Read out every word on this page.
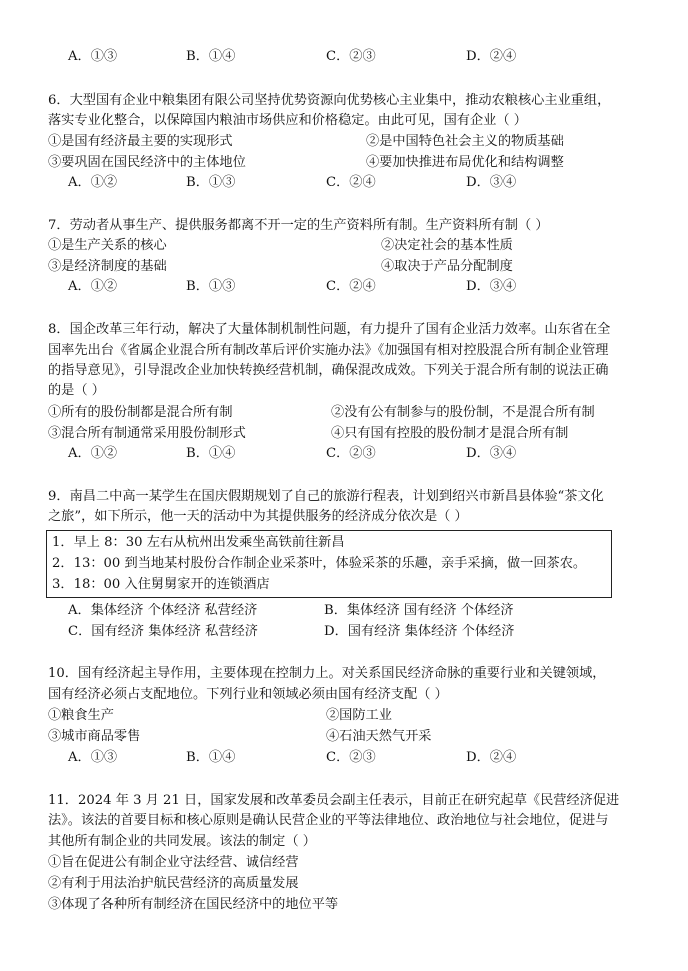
A．①③	B．①④	C．②③	D．②④
6．大型国有企业中粮集团有限公司坚持优势资源向优势核心主业集中，推动农粮核心主业重组，
落实专业化整合，以保障国内粮油市场供应和价格稳定。由此可见，国有企业（ ）
①是国有经济最主要的实现形式	②是中国特色社会主义的物质基础
③要巩固在国民经济中的主体地位	④要加快推进布局优化和结构调整
A．①②	B．①③	C．②④	D．③④
7．劳动者从事生产、提供服务都离不开一定的生产资料所有制。生产资料所有制（ ）
①是生产关系的核心	②决定社会的基本性质
③是经济制度的基础	④取决于产品分配制度
A．①②	B．①③	C．②④	D．③④
8．国企改革三年行动，解决了大量体制机制性问题，有力提升了国有企业活力效率。山东省在全
国率先出台《省属企业混合所有制改革后评价实施办法》《加强国有相对控股混合所有制企业管理
的指导意见》，引导混改企业加快转换经营机制，确保混改成效。下列关于混合所有制的说法正确
的是（ ）
①所有的股份制都是混合所有制	②没有公有制参与的股份制，不是混合所有制
③混合所有制通常采用股份制形式	④只有国有控股的股份制才是混合所有制
A．①②	B．①④	C．②③	D．③④
9．南昌二中高一某学生在国庆假期规划了自己的旅游行程表，计划到绍兴市新昌县体验“茶文化
之旅”，如下所示，他一天的活动中为其提供服务的经济成分依次是（ ）
1．早上 8：30 左右从杭州出发乘坐高铁前往新昌
2．13：00 到当地某村股份合作制企业采茶叶，体验采茶的乐趣，亲手采摘，做一回茶农。
3．18：00 入住舅舅家开的连锁酒店
A．集体经济 个体经济 私营经济	B．集体经济 国有经济 个体经济
C．国有经济 集体经济 私营经济	D．国有经济 集体经济 个体经济
10．国有经济起主导作用，主要体现在控制力上。对关系国民经济命脉的重要行业和关键领域，
国有经济必须占支配地位。下列行业和领域必须由国有经济支配（ ）
①粮食生产	②国防工业
③城市商品零售	④石油天然气开采
A．①③	B．①④	C．②③	D．②④
11．2024 年 3 月 21 日，国家发展和改革委员会副主任表示，目前正在研究起草《民营经济促进
法》。该法的首要目标和核心原则是确认民营企业的平等法律地位、政治地位与社会地位，促进与
其他所有制企业的共同发展。该法的制定（ ）
①旨在促进公有制企业守法经营、诚信经营
②有利于用法治护航民营经济的高质量发展
③体现了各种所有制经济在国民经济中的地位平等
